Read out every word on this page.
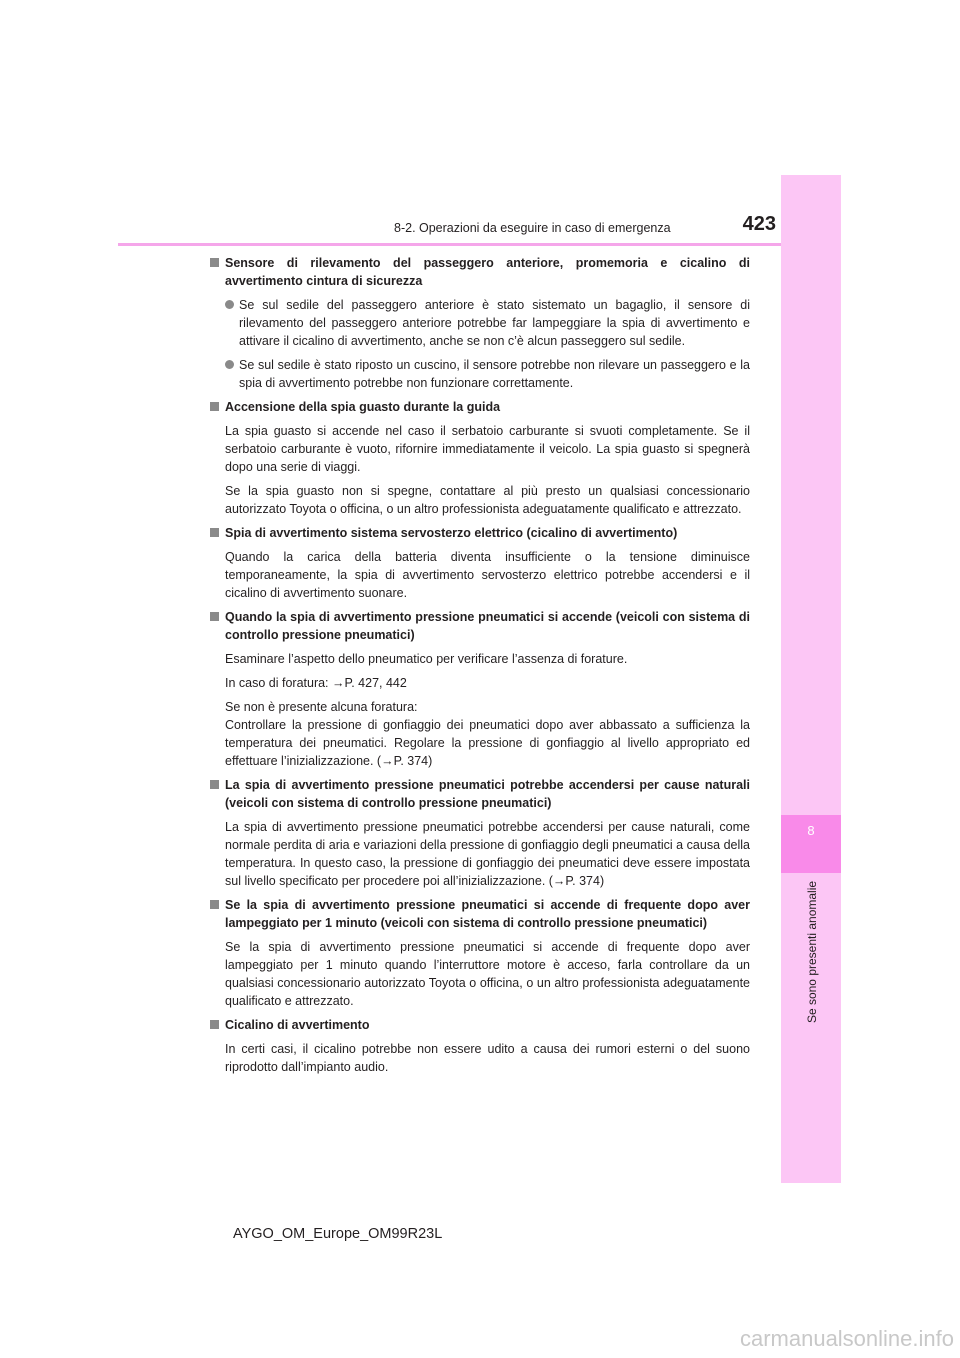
8-2. Operazioni da eseguire in caso di emergenza	423
8
Se sono presenti anomalie
Sensore di rilevamento del passeggero anteriore, promemoria e cicalino di avvertimento cintura di sicurezza
Se sul sedile del passeggero anteriore è stato sistemato un bagaglio, il sensore di rilevamento del passeggero anteriore potrebbe far lampeggiare la spia di avvertimento e attivare il cicalino di avvertimento, anche se non c’è alcun passeggero sul sedile.
Se sul sedile è stato riposto un cuscino, il sensore potrebbe non rilevare un passeggero e la spia di avvertimento potrebbe non funzionare correttamente.
Accensione della spia guasto durante la guida
La spia guasto si accende nel caso il serbatoio carburante si svuoti completamente. Se il serbatoio carburante è vuoto, rifornire immediatamente il veicolo. La spia guasto si spegnerà dopo una serie di viaggi.
Se la spia guasto non si spegne, contattare al più presto un qualsiasi concessionario autorizzato Toyota o officina, o un altro professionista adeguatamente qualificato e attrezzato.
Spia di avvertimento sistema servosterzo elettrico (cicalino di avvertimento)
Quando la carica della batteria diventa insufficiente o la tensione diminuisce temporaneamente, la spia di avvertimento servosterzo elettrico potrebbe accendersi e il cicalino di avvertimento suonare.
Quando la spia di avvertimento pressione pneumatici si accende (veicoli con sistema di controllo pressione pneumatici)
Esaminare l’aspetto dello pneumatico per verificare l’assenza di forature.
In caso di foratura: →P. 427, 442
Se non è presente alcuna foratura:
Controllare la pressione di gonfiaggio dei pneumatici dopo aver abbassato a sufficienza la temperatura dei pneumatici. Regolare la pressione di gonfiaggio al livello appropriato ed effettuare l’inizializzazione. (→P. 374)
La spia di avvertimento pressione pneumatici potrebbe accendersi per cause naturali (veicoli con sistema di controllo pressione pneumatici)
La spia di avvertimento pressione pneumatici potrebbe accendersi per cause naturali, come normale perdita di aria e variazioni della pressione di gonfiaggio degli pneumatici a causa della temperatura. In questo caso, la pressione di gonfiaggio dei pneumatici deve essere impostata sul livello specificato per procedere poi all’inizializzazione. (→P. 374)
Se la spia di avvertimento pressione pneumatici si accende di frequente dopo aver lampeggiato per 1 minuto (veicoli con sistema di controllo pressione pneumatici)
Se la spia di avvertimento pressione pneumatici si accende di frequente dopo aver lampeggiato per 1 minuto quando l’interruttore motore è acceso, farla controllare da un qualsiasi concessionario autorizzato Toyota o officina, o un altro professionista adeguatamente qualificato e attrezzato.
Cicalino di avvertimento
In certi casi, il cicalino potrebbe non essere udito a causa dei rumori esterni o del suono riprodotto dall’impianto audio.
AYGO_OM_Europe_OM99R23L
carmanualsonline.info
